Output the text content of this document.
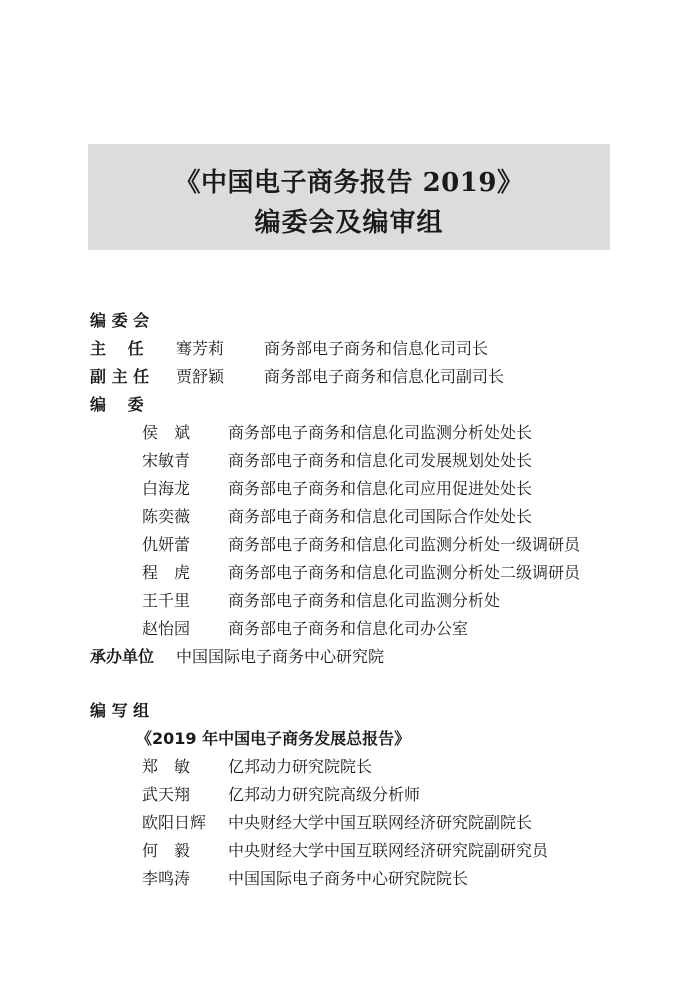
《中国电子商务报告 2019》
编委会及编审组
编 委 会
主　 任 骞芳莉 商务部电子商务和信息化司司长
副 主 任 贾舒颖 商务部电子商务和信息化司副司长
编　 委
侯　斌 商务部电子商务和信息化司监测分析处处长
宋敏青 商务部电子商务和信息化司发展规划处处长
白海龙 商务部电子商务和信息化司应用促进处处长
陈奕薇 商务部电子商务和信息化司国际合作处处长
仇妍蕾 商务部电子商务和信息化司监测分析处一级调研员
程　虎 商务部电子商务和信息化司监测分析处二级调研员
王千里 商务部电子商务和信息化司监测分析处
赵怡园 商务部电子商务和信息化司办公室
承办单位 中国国际电子商务中心研究院
编 写 组
《2019 年中国电子商务发展总报告》
郑　敏 亿邦动力研究院院长
武天翔 亿邦动力研究院高级分析师
欧阳日辉 中央财经大学中国互联网经济研究院副院长
何　毅 中央财经大学中国互联网经济研究院副研究员
李鸣涛 中国国际电子商务中心研究院院长
